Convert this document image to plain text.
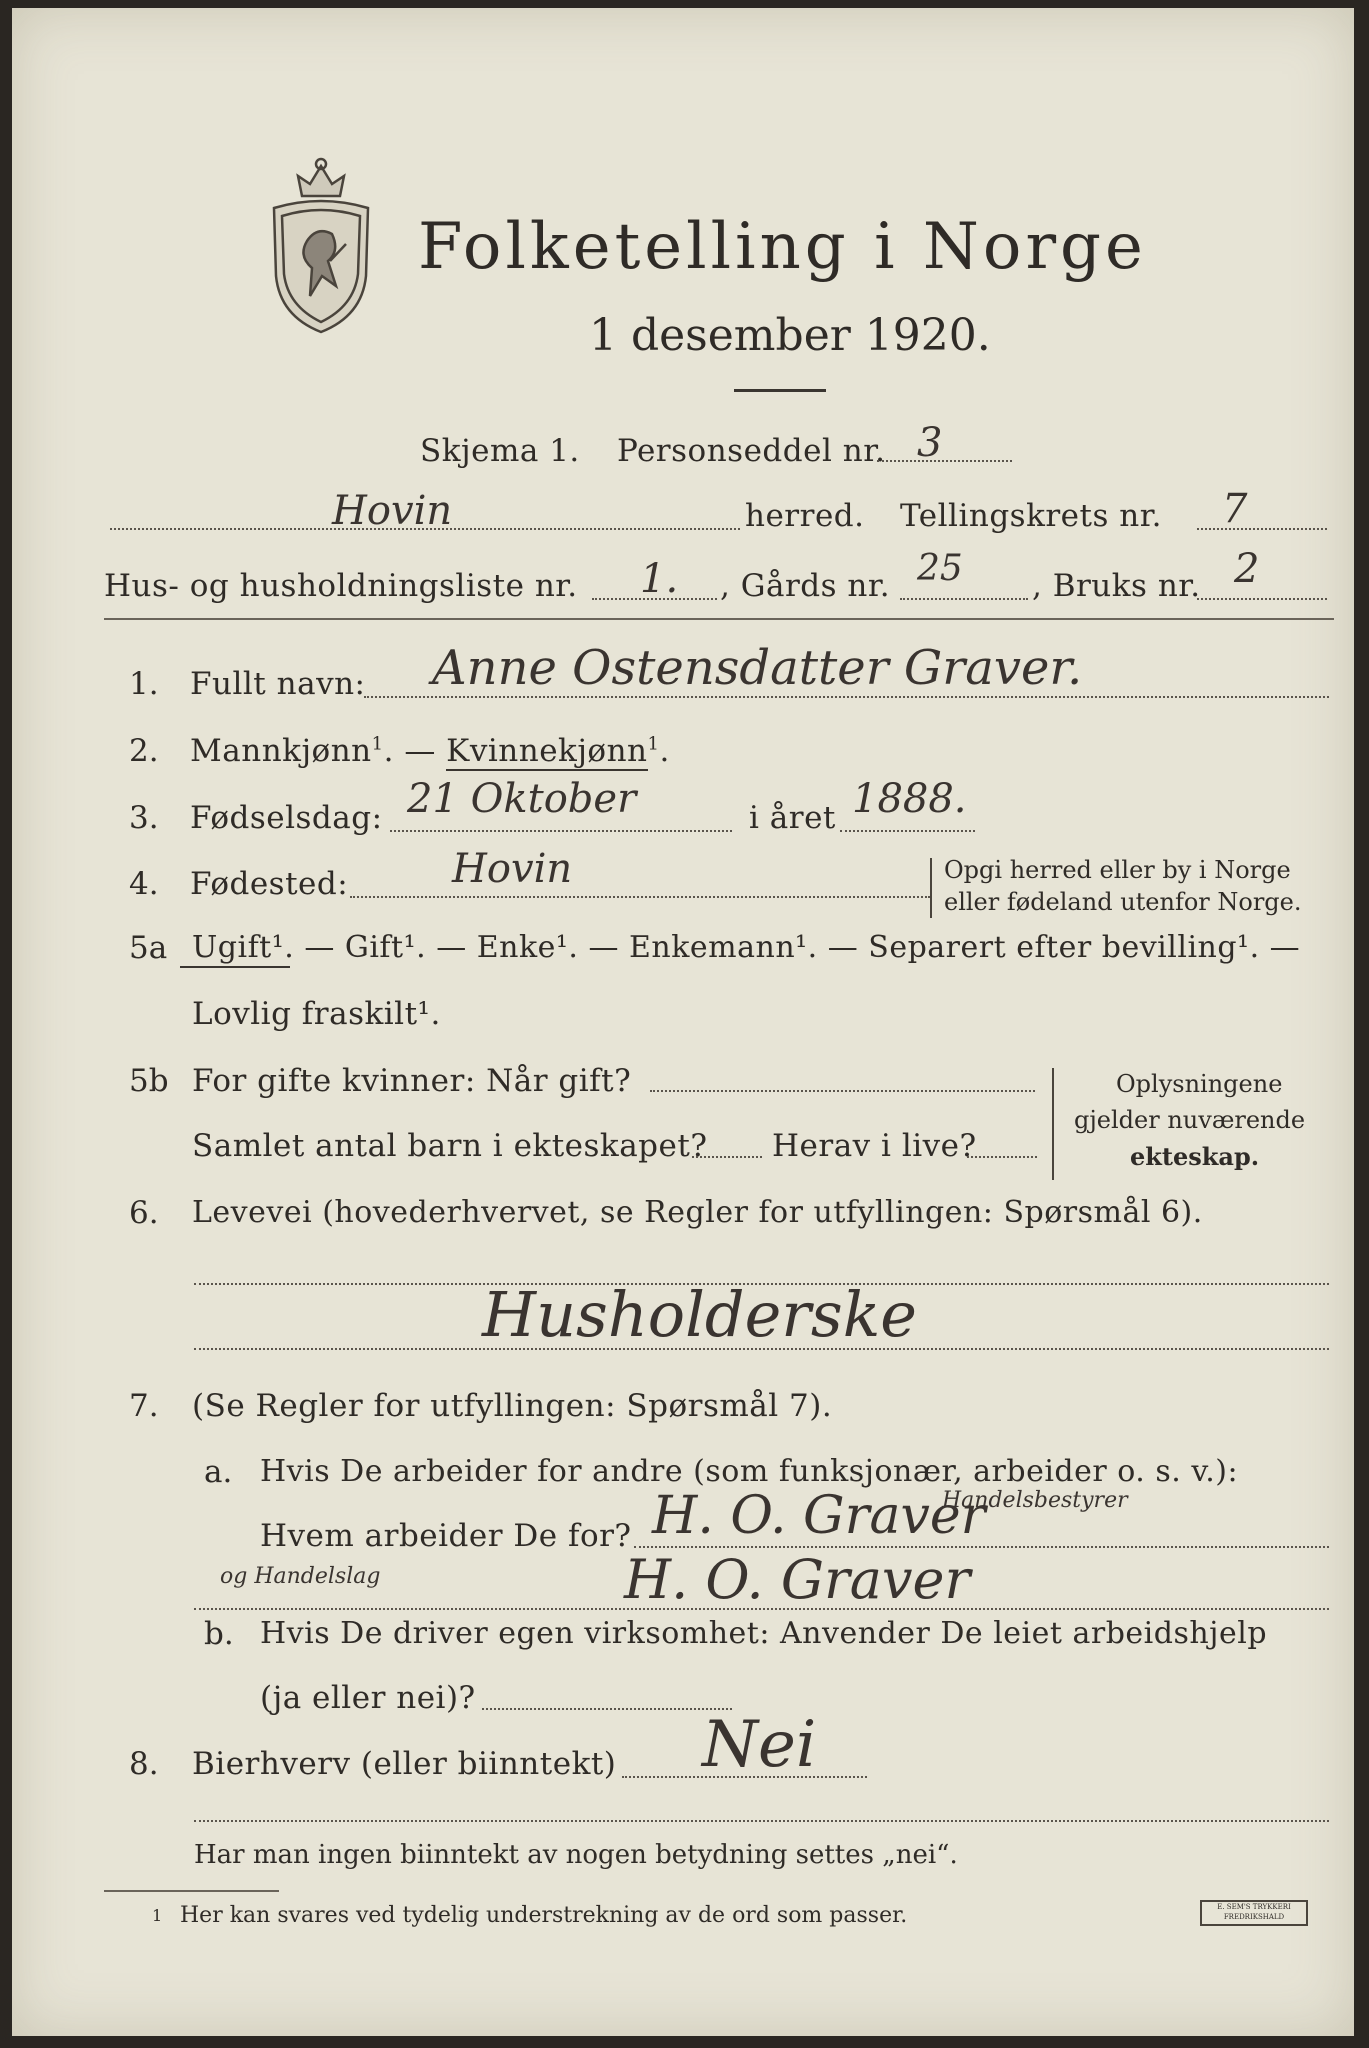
Folketelling i Norge
1 desember 1920.
Skjema 1. Personseddel nr. 3
Hovin	herred. Tellingskrets nr. 7
Hus- og husholdningsliste nr. 1. , Gårds nr. 25 , Bruks nr. 2
1. Fullt navn: Anne Ostensdatter Graver.
2. Mannkjønn$^1$. — Kvinnekjønn$^1$.
3. Fødselsdag: 21 Oktober	i året 1888.
4. Fødested:	Hovin	Opgi herred eller by i Norge
eller fødeland utenfor Norge.
5a Ugift¹. — Gift¹. — Enke¹. — Enkemann¹. — Separert efter bevilling¹. —
Lovlig fraskilt¹.
5b For gifte kvinner: Når gift?
Samlet antal barn i ekteskapet? Herav i live?
Oplysningene
gjelder nuværende
ekteskap.
6. Levevei (hovederhvervet, se Regler for utfyllingen: Spørsmål 6).
Husholderske
7. (Se Regler for utfyllingen: Spørsmål 7).
a. Hvis De arbeider for andre (som funksjonær, arbeider o. s. v.):
Hvem arbeider De for? H. O. Graver
Handelsbestyrer
og Handelslag	H. O. Graver
b. Hvis De driver egen virksomhet: Anvender De leiet arbeidshjelp
(ja eller nei)?
8. Bierhverv (eller biinntekt) Nei
Har man ingen biinntekt av nogen betydning settes „nei“.
1 Her kan svares ved tydelig understrekning av de ord som passer.	E. SEM'S TRYKKERI FREDRIKSHALD
